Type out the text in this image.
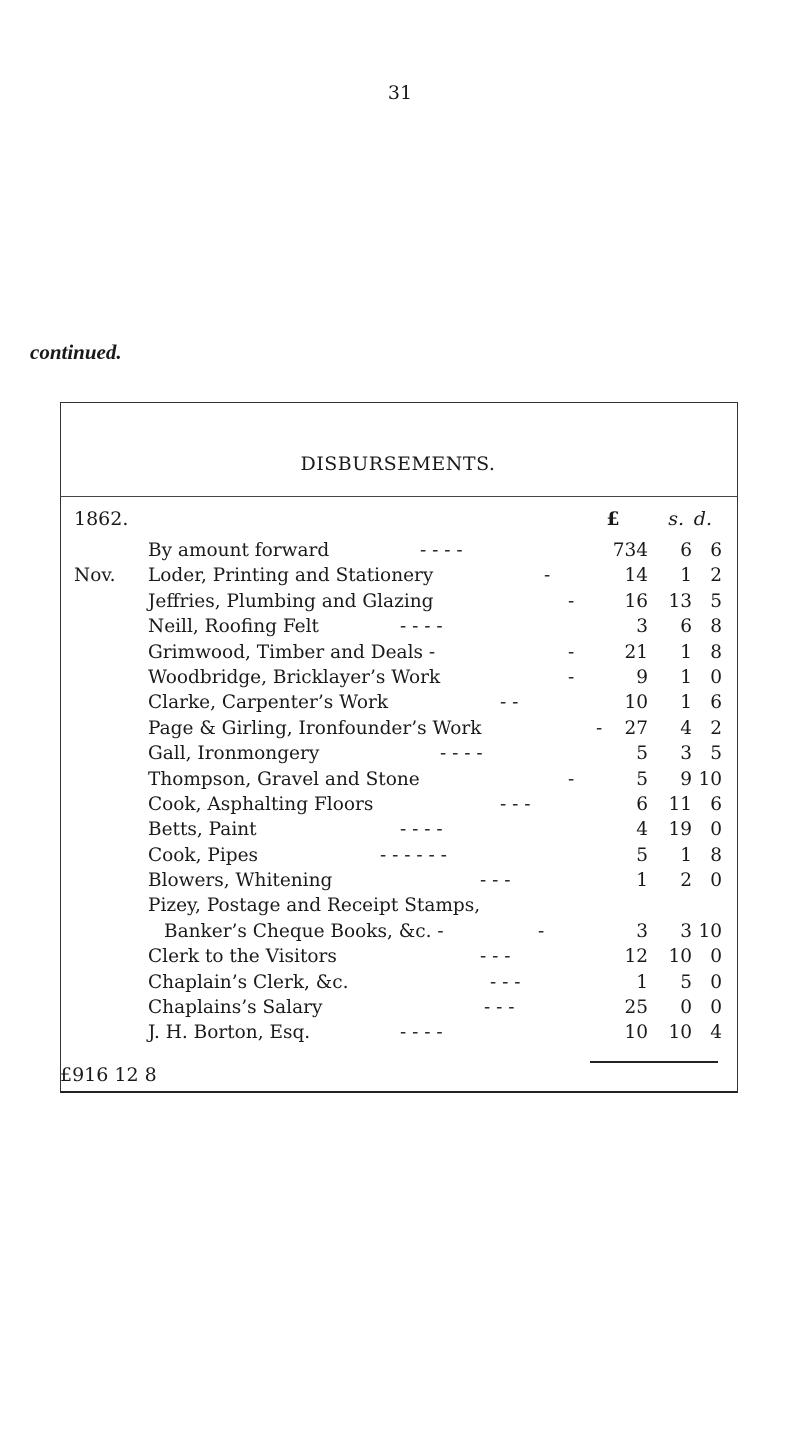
31
continued.
DISBURSEMENTS.
1862.	£	s. d.
By amount forward	- - - -	734	6 6
Nov. Loder, Printing and Stationery	-	14	1 2
Jeffries, Plumbing and Glazing	-	16	13 5
Neill, Roofing Felt	- - - -	3	6 8
Grimwood, Timber and Deals -	-	21	1 8
Woodbridge, Bricklayer’s Work	-	9	1 0
Clarke, Carpenter’s Work	- -	10	1 6
Page & Girling, Ironfounder’s Work	-	27	4 2
Gall, Ironmongery	- - - -	5	3 5
Thompson, Gravel and Stone	-	5	9 10
Cook, Asphalting Floors	- - -	6	11 6
Betts, Paint	- - - -	4	19 0
Cook, Pipes	- - - - - -	5	1 8
Blowers, Whitening	- - -	1	2 0
Pizey, Postage and Receipt Stamps,
Banker’s Cheque Books, &c. -	-	3	3 10
Clerk to the Visitors	- - -	12	10 0
Chaplain’s Clerk, &c.	- - -	1	5 0
Chaplains’s Salary	- - -	25	0 0
J. H. Borton, Esq.	- - - -	10	10 4
£916 12 8
